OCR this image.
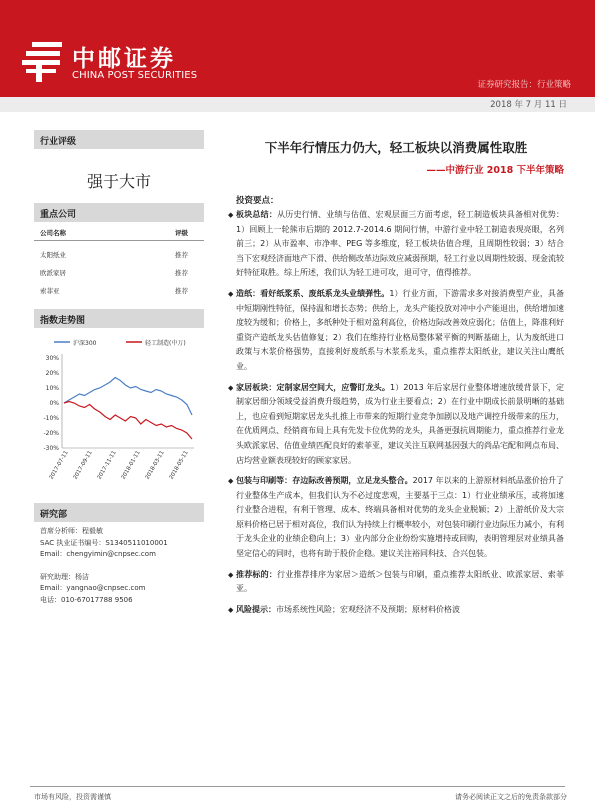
中邮证券
CHINA POST SECURITIES
证券研究报告：行业策略
2018 年 7 月 11 日
行业评级
强于大市
重点公司
公司名称	评级
太阳纸业	推荐
欧派家居	推荐
索菲亚	推荐
指数走势图
沪深300	轻工制造(中万)
30%
20%
10%
0%
-10%
-20%
-30%
2017-07-11 2017-09-11 2017-11-11 2018-01-11 2018-03-11 2018-05-11
研究部
首席分析师：程毅敏
SAC 执业证书编号：S1340511010001
Email：chengyimin@cnpsec.com
研究助理：杨洁
Email：yangnao@cnpsec.com
电话：010-67017788 9506
下半年行情压力仍大，轻工板块以消费属性取胜
——中游行业 2018 下半年策略
投资要点：
◆ 板块总结：从历史行情、业绩与估值、宏观层面三方面考虑，轻工制造板块具备相对优势：1）回顾上一轮熊市后期的 2012.7-2014.6 期间行情，中游行业中轻工制造表现亮眼，名列前三；2）从市盈率、市净率、PEG 等多维度，轻工板块估值合理，且周期性较弱；3）结合当下宏观经济面地产下滑、供给侧改革边际效应减弱预期，轻工行业以周期性较弱、现金流较好特征取胜。综上所述，我们认为轻工进可攻，退可守，值得推荐。
◆ 造纸：看好纸浆系、废纸系龙头业绩弹性。1）行业方面，下游需求多对接消费型产业，具备中短期刚性特征，保持温和增长态势；供给上，龙头产能投放对冲中小产能退出，供给增加速度较为缓和；价格上，多纸种处于相对盈利高位，价格边际改善效应弱化；估值上，降准利好重资产造纸龙头估值修复；2）我们在维持行业格局整体紧平衡的判断基础上，认为废纸进口政策与木浆价格强势，直接利好废纸系与木浆系龙头，重点推荐太阳纸业，建议关注山鹰纸业。
◆ 家居板块：定制家居空间大，应警盯龙头。1）2013 年后家居行业整体增速放缓背景下，定制家居细分领域受益消费升级趋势，成为行业主要看点；2）在行业中期成长前景明晰的基础上，也应看到短期家居龙头扎推上市带来的短期行业竞争加剧以及地产调控升级带来的压力，在优质网点、经销商布局上具有先发卡位优势的龙头，具备更强抗周期能力，重点推荐行业龙头欧派家居、估值业绩匹配良好的索菲亚，建议关注互联网基因强大的尚品宅配和网点布局、店均营业额表现较好的顾家家居。
◆ 包装与印刷等：存边际改善预期，立足龙头整合。2017 年以来的上游原材料纸品涨价抬升了行业整体生产成本，但我们认为不必过度悲观，主要基于三点：1）行业业绩承压，或将加速行业整合进程，有利于管理、成本、终端具备相对优势的龙头企业脱颖；2）上游纸价及大宗原料价格已居于相对高位，我们认为持续上行概率较小，对包装印刷行业边际压力减小，有利于龙头企业的业绩企稳向上；3）业内部分企业纷纷实施增持或回购，表明管理层对业绩具备坚定信心的同时，也将有助于股价企稳。建议关注裕同科技、合兴包装。
◆ 推荐标的：行业推荐排序为家居＞造纸＞包装与印刷，重点推荐太阳纸业、欧派家居、索菲亚。
◆ 风险提示：市场系统性风险；宏观经济不及预期；原材料价格波
市场有风险，投资需谨慎	请务必阅读正文之后的免责条款部分
